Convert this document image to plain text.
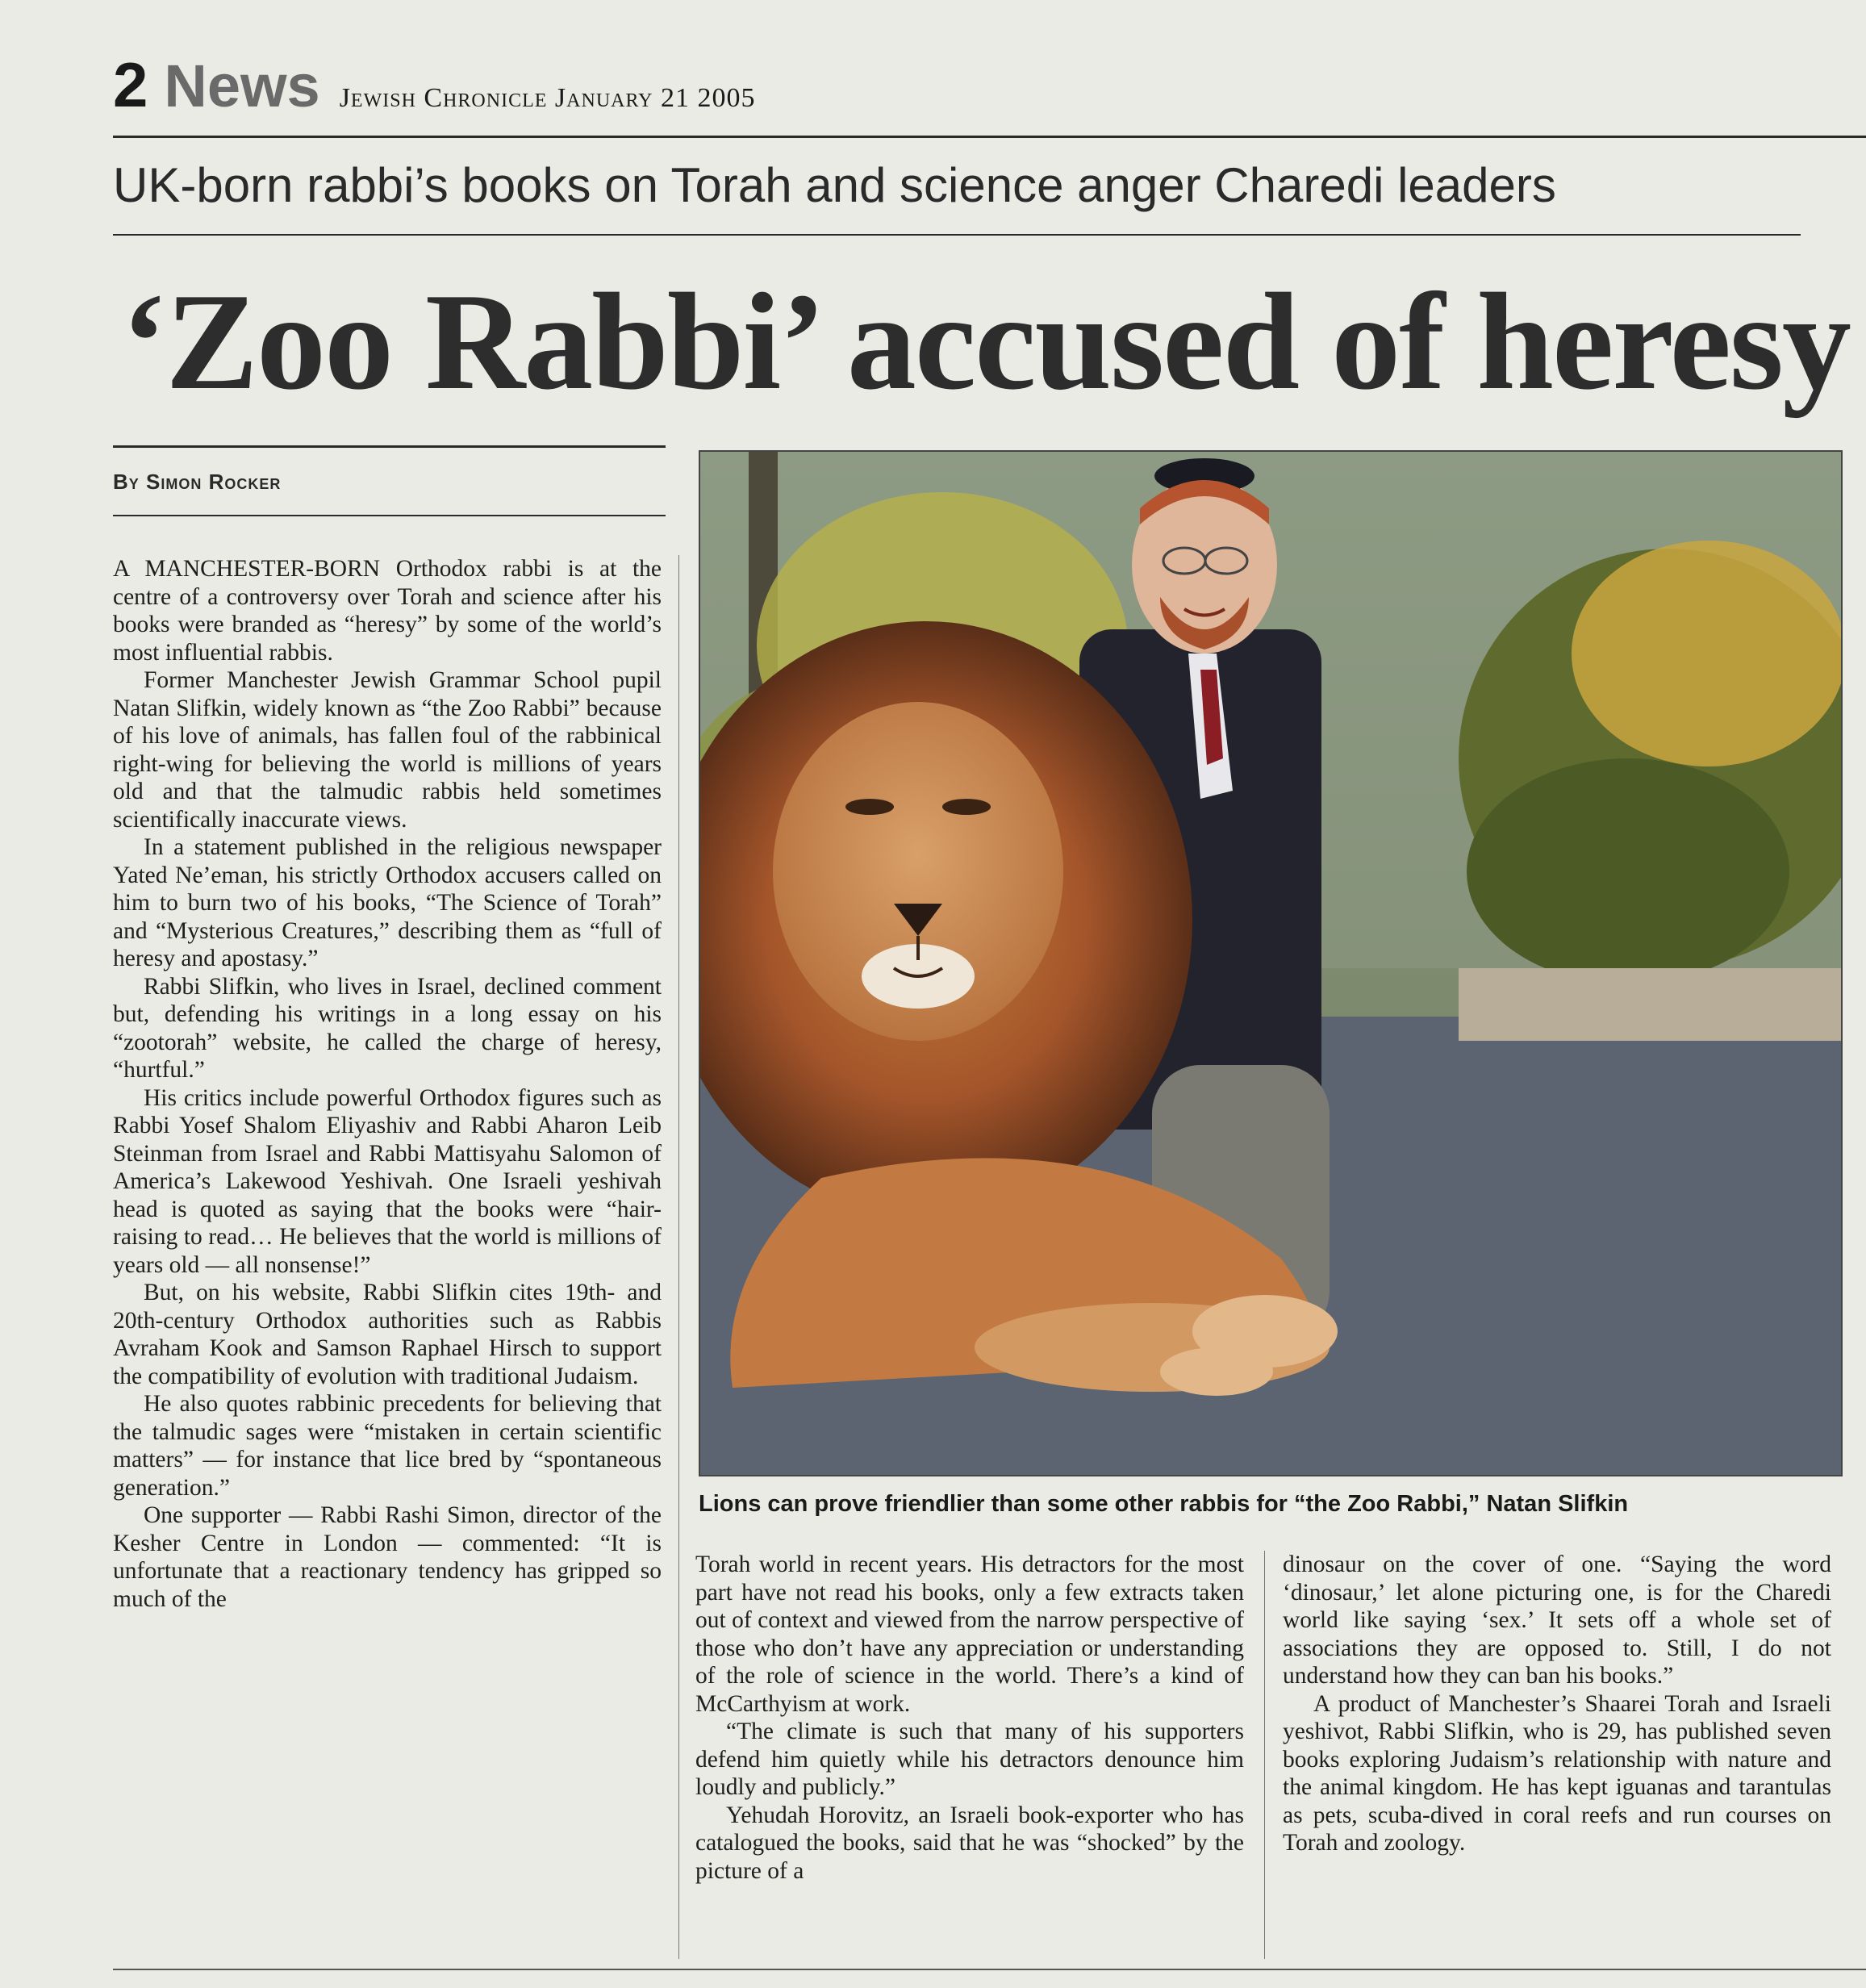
2 News Jewish Chronicle January 21 2005
UK-born rabbi’s books on Torah and science anger Charedi leaders
‘Zoo Rabbi’ accused of heresy
By Simon Rocker

A MANCHESTER-BORN Orthodox rabbi is at the centre of a controversy over Torah and science after his books were branded as “heresy” by some of the world’s most influential rabbis.

Former Manchester Jewish Grammar School pupil Natan Slifkin, widely known as “the Zoo Rabbi” because of his love of animals, has fallen foul of the rabbinical right-wing for believing the world is millions of years old and that the talmudic rabbis held sometimes scientifically inaccurate views.

In a statement published in the religious newspaper Yated Ne’eman, his strictly Orthodox accusers called on him to burn two of his books, “The Science of Torah” and “Mysterious Creatures,” describing them as “full of heresy and apostasy.”

Rabbi Slifkin, who lives in Israel, declined comment but, defending his writings in a long essay on his “zootorah” website, he called the charge of heresy, “hurtful.”

His critics include powerful Orthodox figures such as Rabbi Yosef Shalom Eliyashiv and Rabbi Aharon Leib Steinman from Israel and Rabbi Mattisyahu Salomon of America’s Lakewood Yeshivah. One Israeli yeshivah head is quoted as saying that the books were “hair-raising to read… He believes that the world is millions of years old — all nonsense!”

But, on his website, Rabbi Slifkin cites 19th- and 20th-century Orthodox authorities such as Rabbis Avraham Kook and Samson Raphael Hirsch to support the compatibility of evolution with traditional Judaism.

He also quotes rabbinic precedents for believing that the talmudic sages were “mistaken in certain scientific matters” — for instance that lice bred by “spontaneous generation.”

One supporter — Rabbi Rashi Simon, director of the Kesher Centre in London — commented: “It is unfortunate that a reactionary tendency has gripped so much of the

Lions can prove friendlier than some other rabbis for “the Zoo Rabbi,” Natan Slifkin

Torah world in recent years. His detractors for the most part have not read his books, only a few extracts taken out of context and viewed from the narrow perspective of those who don’t have any appreciation or understanding of the role of science in the world. There’s a kind of McCarthyism at work.

“The climate is such that many of his supporters defend him quietly while his detractors denounce him loudly and publicly.”

Yehudah Horovitz, an Israeli book-exporter who has catalogued the books, said that he was “shocked” by the picture of a

dinosaur on the cover of one. “Saying the word ‘dinosaur,’ let alone picturing one, is for the Charedi world like saying ‘sex.’ It sets off a whole set of associations they are opposed to. Still, I do not understand how they can ban his books.”

A product of Manchester’s Shaarei Torah and Israeli yeshivot, Rabbi Slifkin, who is 29, has published seven books exploring Judaism’s relationship with nature and the animal kingdom. He has kept iguanas and tarantulas as pets, scuba-dived in coral reefs and run courses on Torah and zoology.
